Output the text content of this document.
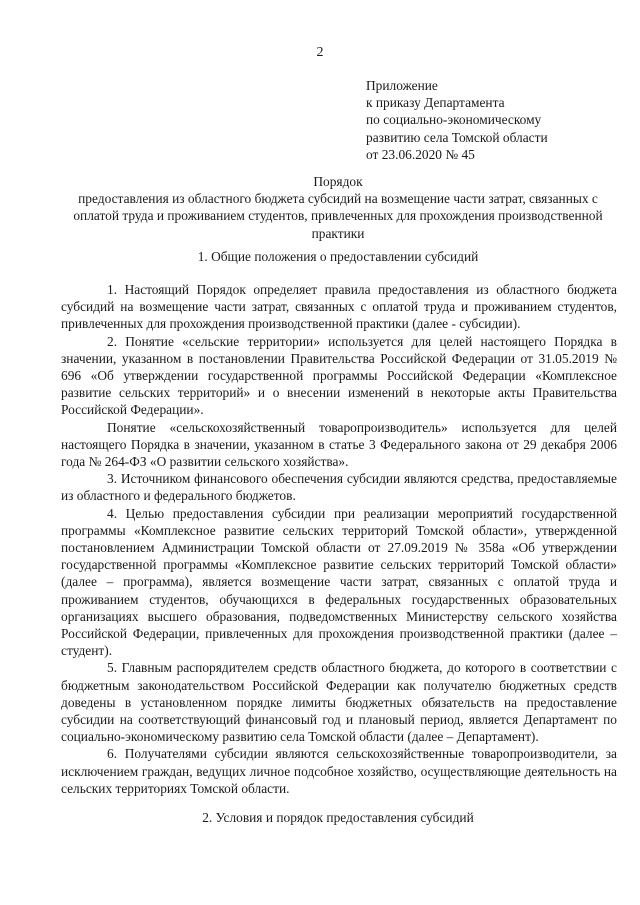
2
Приложение
к приказу Департамента
по социально-экономическому
развитию села Томской области
от 23.06.2020 № 45
Порядок
предоставления из областного бюджета субсидий на возмещение части затрат, связанных с оплатой труда и проживанием студентов, привлеченных для прохождения производственной практики
1. Общие положения о предоставлении субсидий

1. Настоящий Порядок определяет правила предоставления из областного бюджета субсидий на возмещение части затрат, связанных с оплатой труда и проживанием студентов, привлеченных для прохождения производственной практики (далее - субсидии).

2. Понятие «сельские территории» используется для целей настоящего Порядка в значении, указанном в постановлении Правительства Российской Федерации от 31.05.2019 № 696 «Об утверждении государственной программы Российской Федерации «Комплексное развитие сельских территорий» и о внесении изменений в некоторые акты Правительства Российской Федерации».

Понятие «сельскохозяйственный товаропроизводитель» используется для целей настоящего Порядка в значении, указанном в статье 3 Федерального закона от 29 декабря 2006 года № 264-ФЗ «О развитии сельского хозяйства».

3. Источником финансового обеспечения субсидии являются средства, предоставляемые из областного и федерального бюджетов.

4. Целью предоставления субсидии при реализации мероприятий государственной программы «Комплексное развитие сельских территорий Томской области», утвержденной постановлением Администрации Томской области от 27.09.2019 № 358а «Об утверждении государственной программы «Комплексное развитие сельских территорий Томской области» (далее – программа), является возмещение части затрат, связанных с оплатой труда и проживанием студентов, обучающихся в федеральных государственных образовательных организациях высшего образования, подведомственных Министерству сельского хозяйства Российской Федерации, привлеченных для прохождения производственной практики (далее – студент).

5. Главным распорядителем средств областного бюджета, до которого в соответствии с бюджетным законодательством Российской Федерации как получателю бюджетных средств доведены в установленном порядке лимиты бюджетных обязательств на предоставление субсидии на соответствующий финансовый год и плановый период, является Департамент по социально-экономическому развитию села Томской области (далее – Департамент).

6. Получателями субсидии являются сельскохозяйственные товаропроизводители, за исключением граждан, ведущих личное подсобное хозяйство, осуществляющие деятельность на сельских территориях Томской области.

2. Условия и порядок предоставления субсидий
